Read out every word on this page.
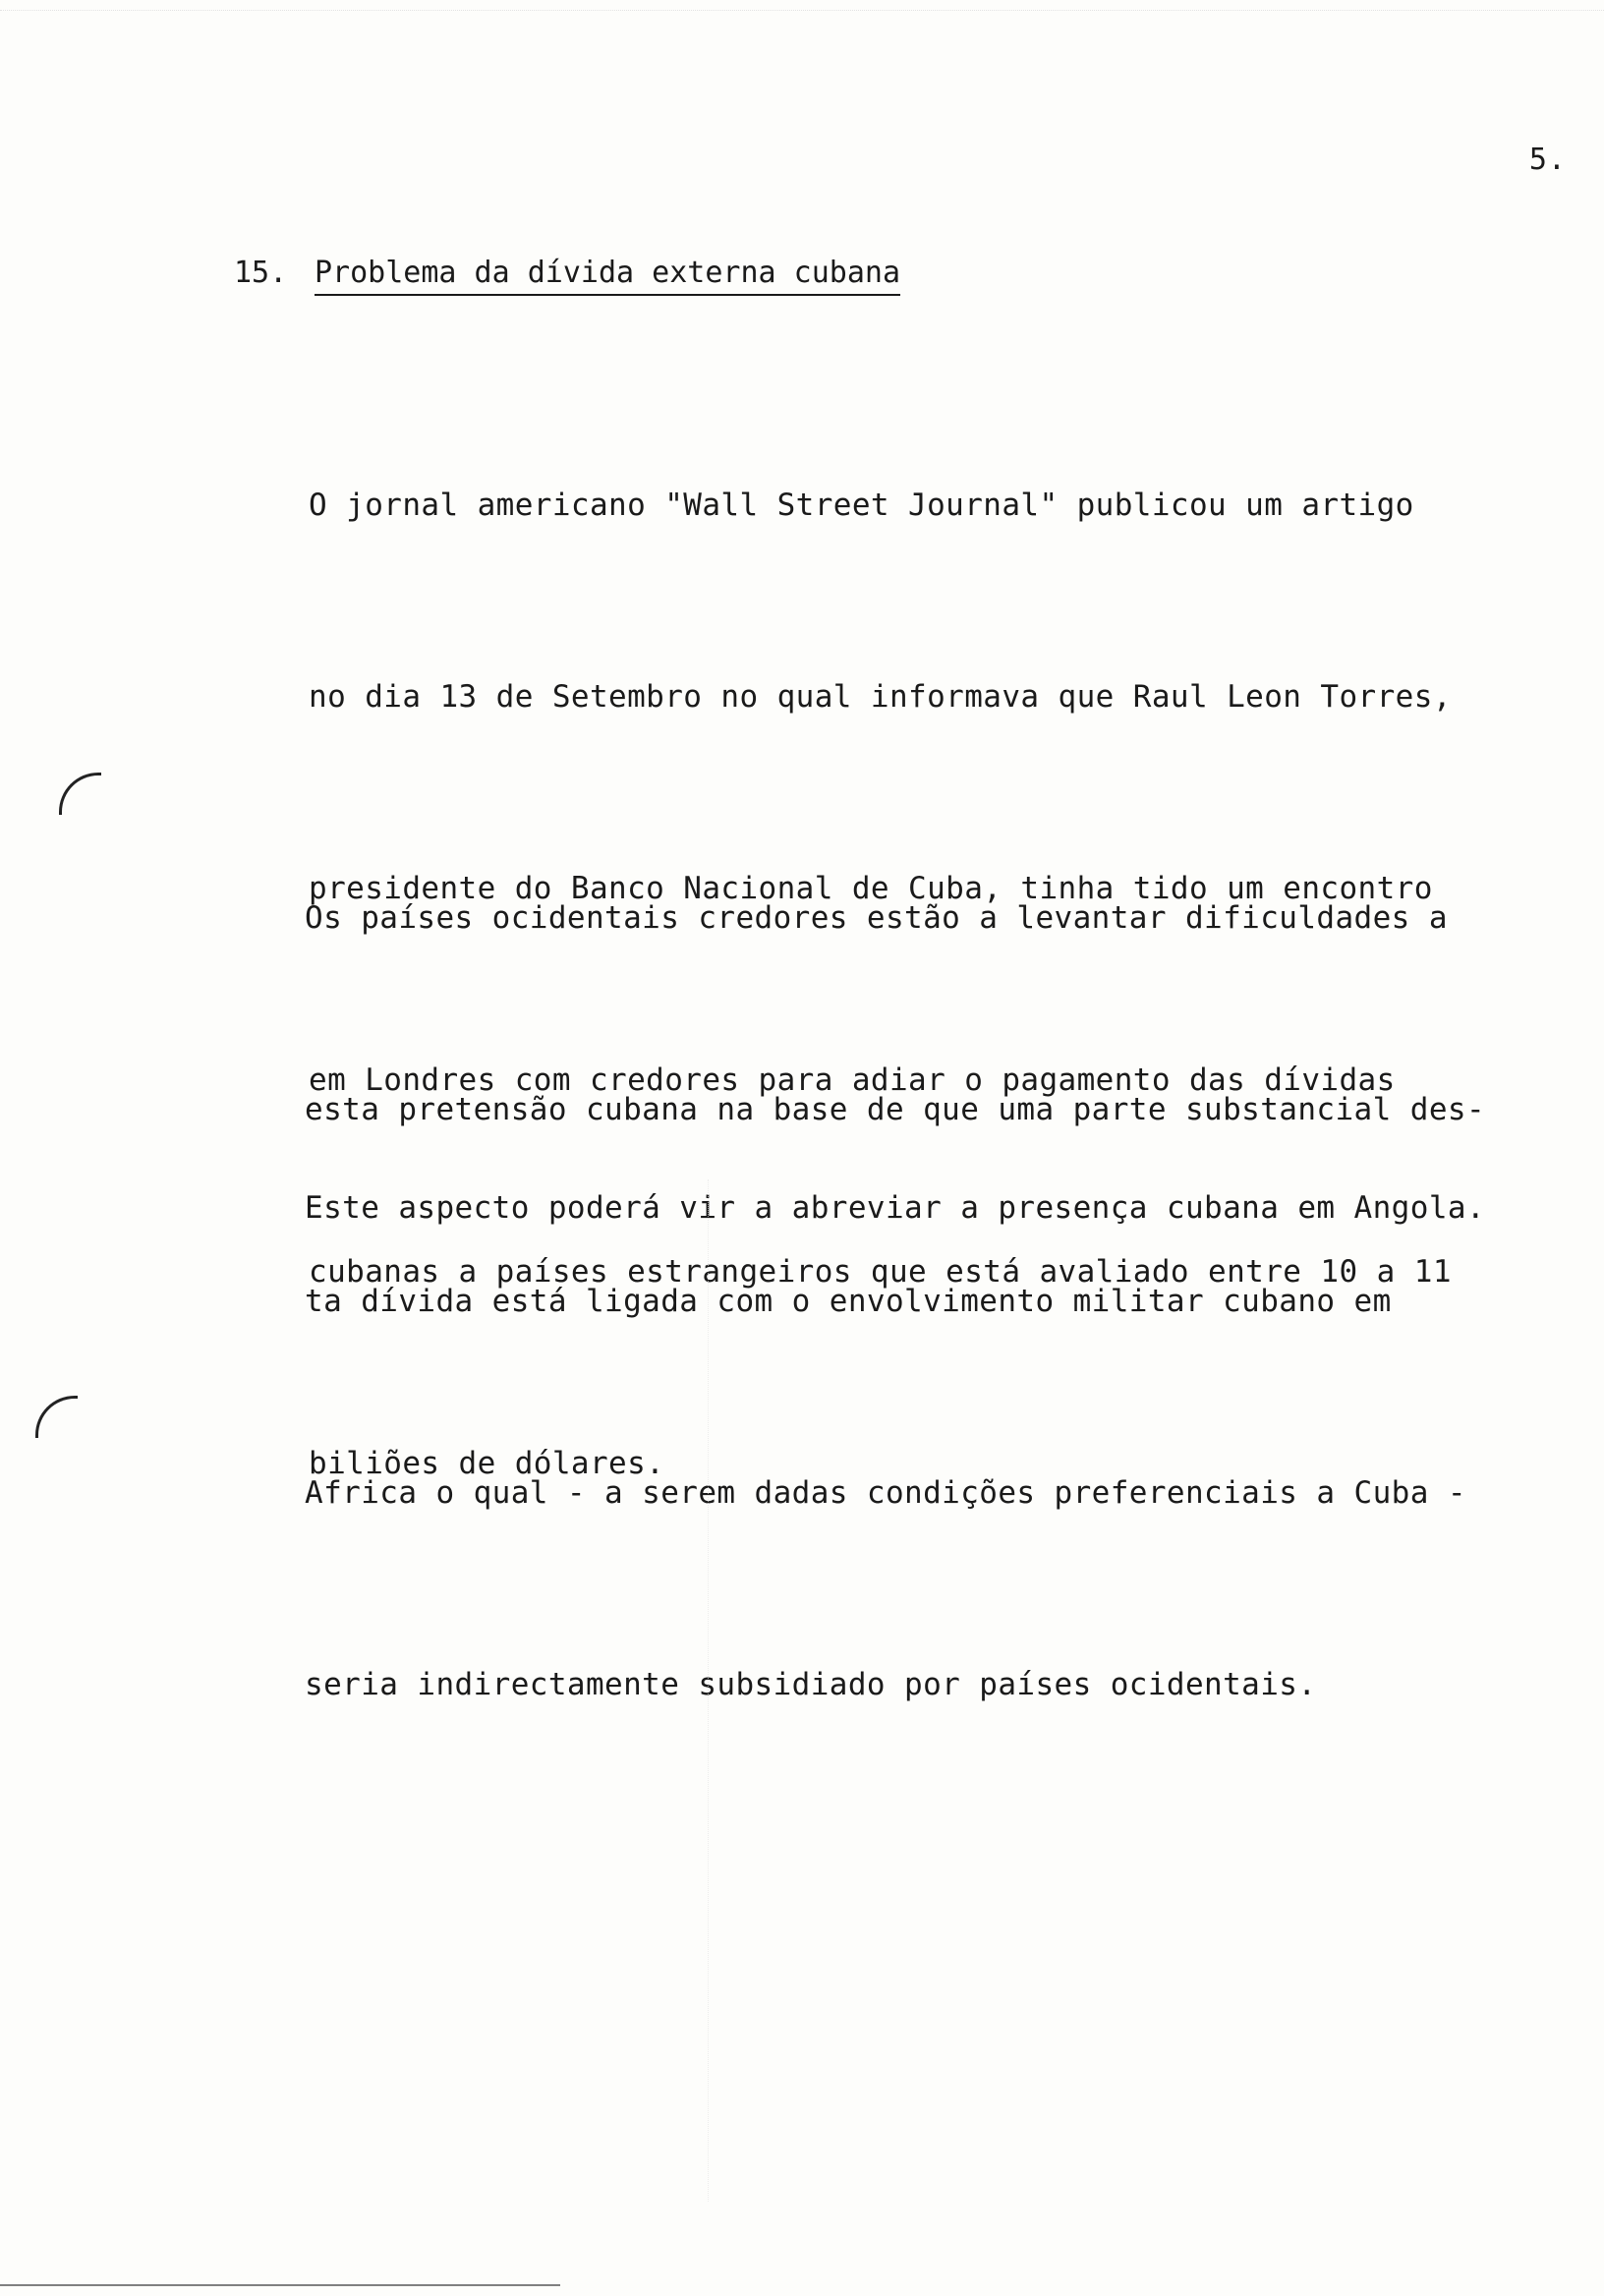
5.
15. Problema da dívida externa cubana

O jornal americano "Wall Street Journal" publicou um artigo

no dia 13 de Setembro no qual informava que Raul Leon Torres,

presidente do Banco Nacional de Cuba, tinha tido um encontro

em Londres com credores para adiar o pagamento das dívidas

cubanas a países estrangeiros que está avaliado entre 10 a 11

biliões de dólares.

Os países ocidentais credores estão a levantar dificuldades a

esta pretensão cubana na base de que uma parte substancial des-

ta dívida está ligada com o envolvimento militar cubano em

Africa o qual - a serem dadas condições preferenciais a Cuba -

seria indirectamente subsidiado por países ocidentais.

Este aspecto poderá vir a abreviar a presença cubana em Angola.
